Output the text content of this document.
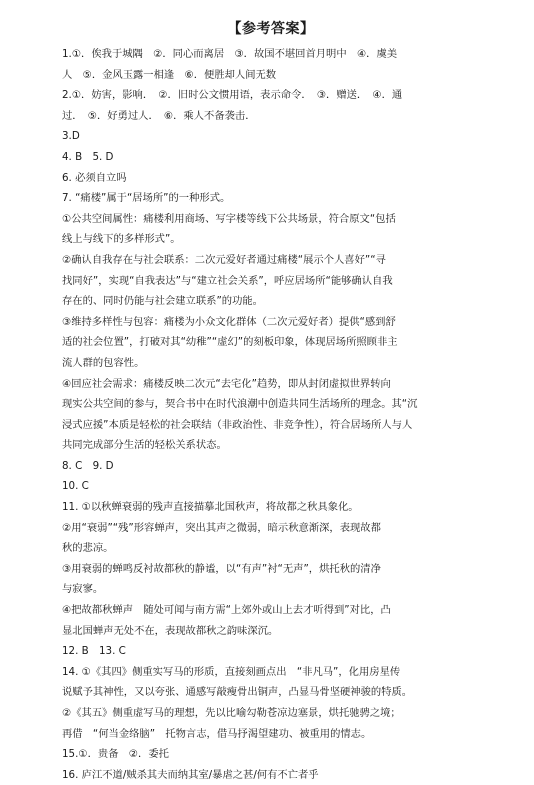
【参考答案】
1.①．俟我于城隅　②．同心而离居　③．故国不堪回首月明中　④．虞美
人　⑤．金风玉露一相逢　⑥．便胜却人间无数
2.①．妨害，影响．　②．旧时公文惯用语，表示命令．　③．赠送．　④．通
过．　⑤．好勇过人．　⑥．乘人不备袭击．
3.D
4. B　5. D
6. 必须自立吗
7. “痛楼”属于“居场所”的一种形式。
①公共空间属性：痛楼利用商场、写字楼等线下公共场景，符合原文“包括
线上与线下的多样形式”。
②确认自我存在与社会联系：二次元爱好者通过痛楼“展示个人喜好”“寻
找同好”，实现“自我表达”与“建立社会关系”，呼应居场所“能够确认自我
存在的、同时仍能与社会建立联系”的功能。
③维持多样性与包容：痛楼为小众文化群体（二次元爱好者）提供“感到舒
适的社会位置”，打破对其“幼稚”“虚幻”的刻板印象，体现居场所照顾非主
流人群的包容性。
④回应社会需求：痛楼反映二次元“去宅化”趋势，即从封闭虚拟世界转向
现实公共空间的参与，契合书中在时代浪潮中创造共同生活场所的理念。其“沉
浸式应援”本质是轻松的社会联结（非政治性、非竞争性），符合居场所人与人
共同完成部分生活的轻松关系状态。
8. C　9. D
10. C
11. ①以秋蝉衰弱的残声直接描摹北国秋声，将故都之秋具象化。
②用“衰弱”“残”形容蝉声，突出其声之微弱，暗示秋意渐深，表现故都
秋的悲凉。
③用衰弱的蝉鸣反衬故都秋的静谧，以“有声”衬“无声”，烘托秋的清净
与寂寥。
④把故都秋蝉声　随处可闻与南方需“上郊外或山上去才听得到”对比，凸
显北国蝉声无处不在，表现故都秋之韵味深沉。
12. B　13. C
14. ①《其四》侧重实写马的形质，直接刻画点出　“非凡马”，化用房星传
说赋予其神性，又以夸张、通感写敲瘦骨出铜声，凸显马骨坚硬神骏的特质。
②《其五》侧重虚写马的理想，先以比喻勾勒苍凉边塞景，烘托驰骋之境；
再借　“何当金络脑”　托物言志，借马抒渴望建功、被重用的情志。
15.①．贵备　②．委托
16. 庐江不道/贼杀其夫而纳其室/暴虐之甚/何有不亡者乎
